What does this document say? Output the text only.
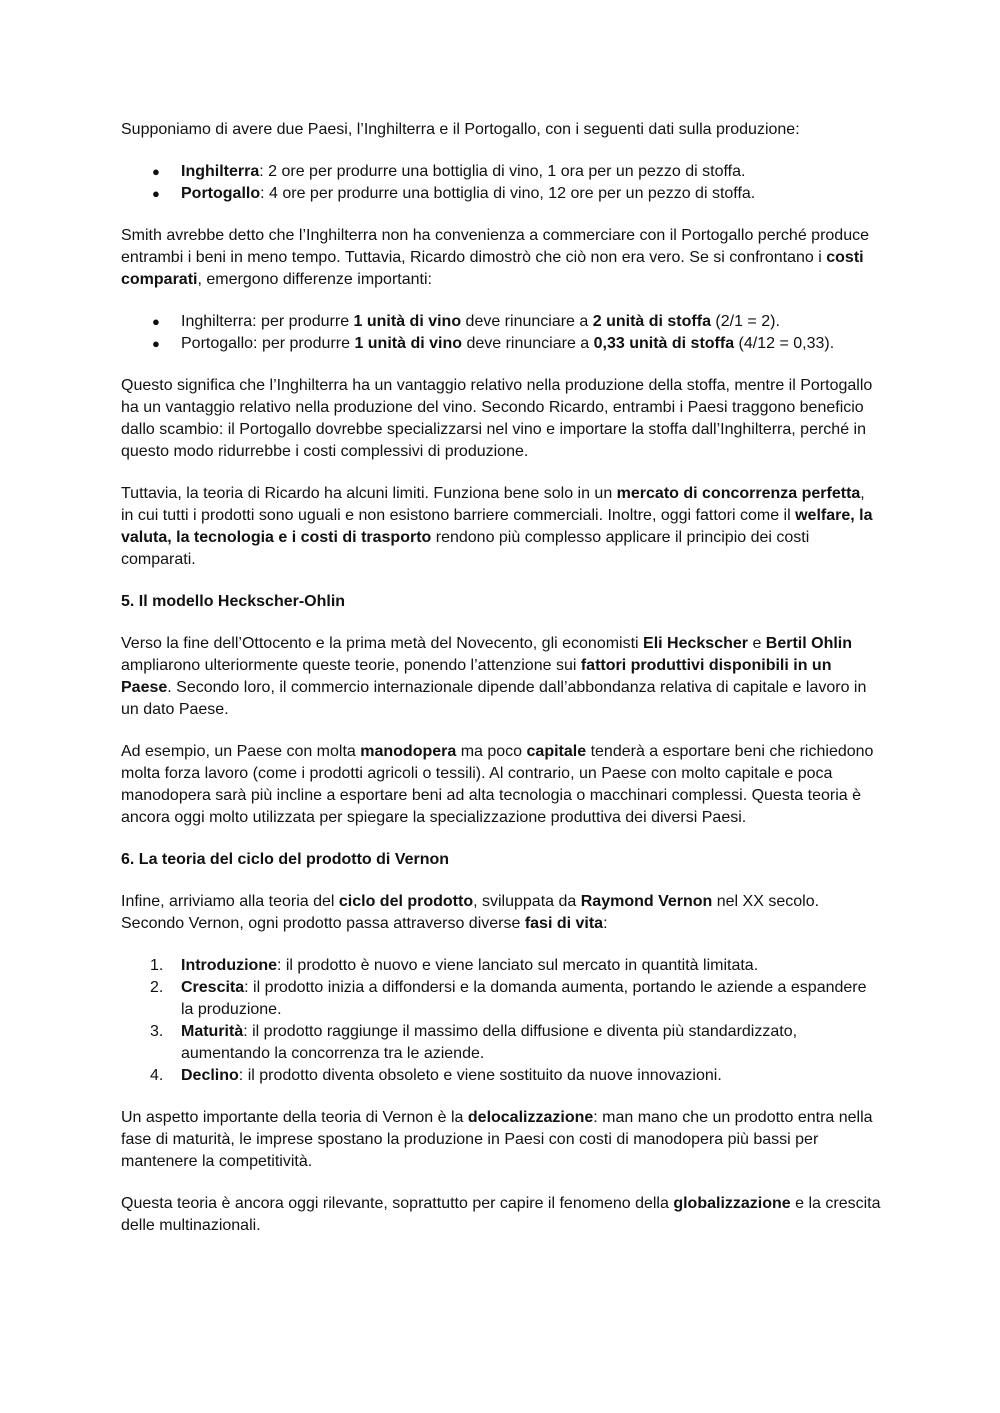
Supponiamo di avere due Paesi, l’Inghilterra e il Portogallo, con i seguenti dati sulla produzione:

● Inghilterra: 2 ore per produrre una bottiglia di vino, 1 ora per un pezzo di stoffa.
● Portogallo: 4 ore per produrre una bottiglia di vino, 12 ore per un pezzo di stoffa.

Smith avrebbe detto che l’Inghilterra non ha convenienza a commerciare con il Portogallo perché produce entrambi i beni in meno tempo. Tuttavia, Ricardo dimostrò che ciò non era vero. Se si confrontano i costi comparati, emergono differenze importanti:

● Inghilterra: per produrre 1 unità di vino deve rinunciare a 2 unità di stoffa (2/1 = 2).
● Portogallo: per produrre 1 unità di vino deve rinunciare a 0,33 unità di stoffa (4/12 = 0,33).

Questo significa che l’Inghilterra ha un vantaggio relativo nella produzione della stoffa, mentre il Portogallo ha un vantaggio relativo nella produzione del vino. Secondo Ricardo, entrambi i Paesi traggono beneficio dallo scambio: il Portogallo dovrebbe specializzarsi nel vino e importare la stoffa dall’Inghilterra, perché in questo modo ridurrebbe i costi complessivi di produzione.

Tuttavia, la teoria di Ricardo ha alcuni limiti. Funziona bene solo in un mercato di concorrenza perfetta, in cui tutti i prodotti sono uguali e non esistono barriere commerciali. Inoltre, oggi fattori come il welfare, la valuta, la tecnologia e i costi di trasporto rendono più complesso applicare il principio dei costi comparati.

5. Il modello Heckscher-Ohlin

Verso la fine dell’Ottocento e la prima metà del Novecento, gli economisti Eli Heckscher e Bertil Ohlin ampliarono ulteriormente queste teorie, ponendo l’attenzione sui fattori produttivi disponibili in un Paese. Secondo loro, il commercio internazionale dipende dall’abbondanza relativa di capitale e lavoro in un dato Paese.

Ad esempio, un Paese con molta manodopera ma poco capitale tenderà a esportare beni che richiedono molta forza lavoro (come i prodotti agricoli o tessili). Al contrario, un Paese con molto capitale e poca manodopera sarà più incline a esportare beni ad alta tecnologia o macchinari complessi. Questa teoria è ancora oggi molto utilizzata per spiegare la specializzazione produttiva dei diversi Paesi.

6. La teoria del ciclo del prodotto di Vernon

Infine, arriviamo alla teoria del ciclo del prodotto, sviluppata da Raymond Vernon nel XX secolo. Secondo Vernon, ogni prodotto passa attraverso diverse fasi di vita:

1. Introduzione: il prodotto è nuovo e viene lanciato sul mercato in quantità limitata.
2. Crescita: il prodotto inizia a diffondersi e la domanda aumenta, portando le aziende a espandere la produzione.
3. Maturità: il prodotto raggiunge il massimo della diffusione e diventa più standardizzato, aumentando la concorrenza tra le aziende.
4. Declino: il prodotto diventa obsoleto e viene sostituito da nuove innovazioni.

Un aspetto importante della teoria di Vernon è la delocalizzazione: man mano che un prodotto entra nella fase di maturità, le imprese spostano la produzione in Paesi con costi di manodopera più bassi per mantenere la competitività.

Questa teoria è ancora oggi rilevante, soprattutto per capire il fenomeno della globalizzazione e la crescita delle multinazionali.
